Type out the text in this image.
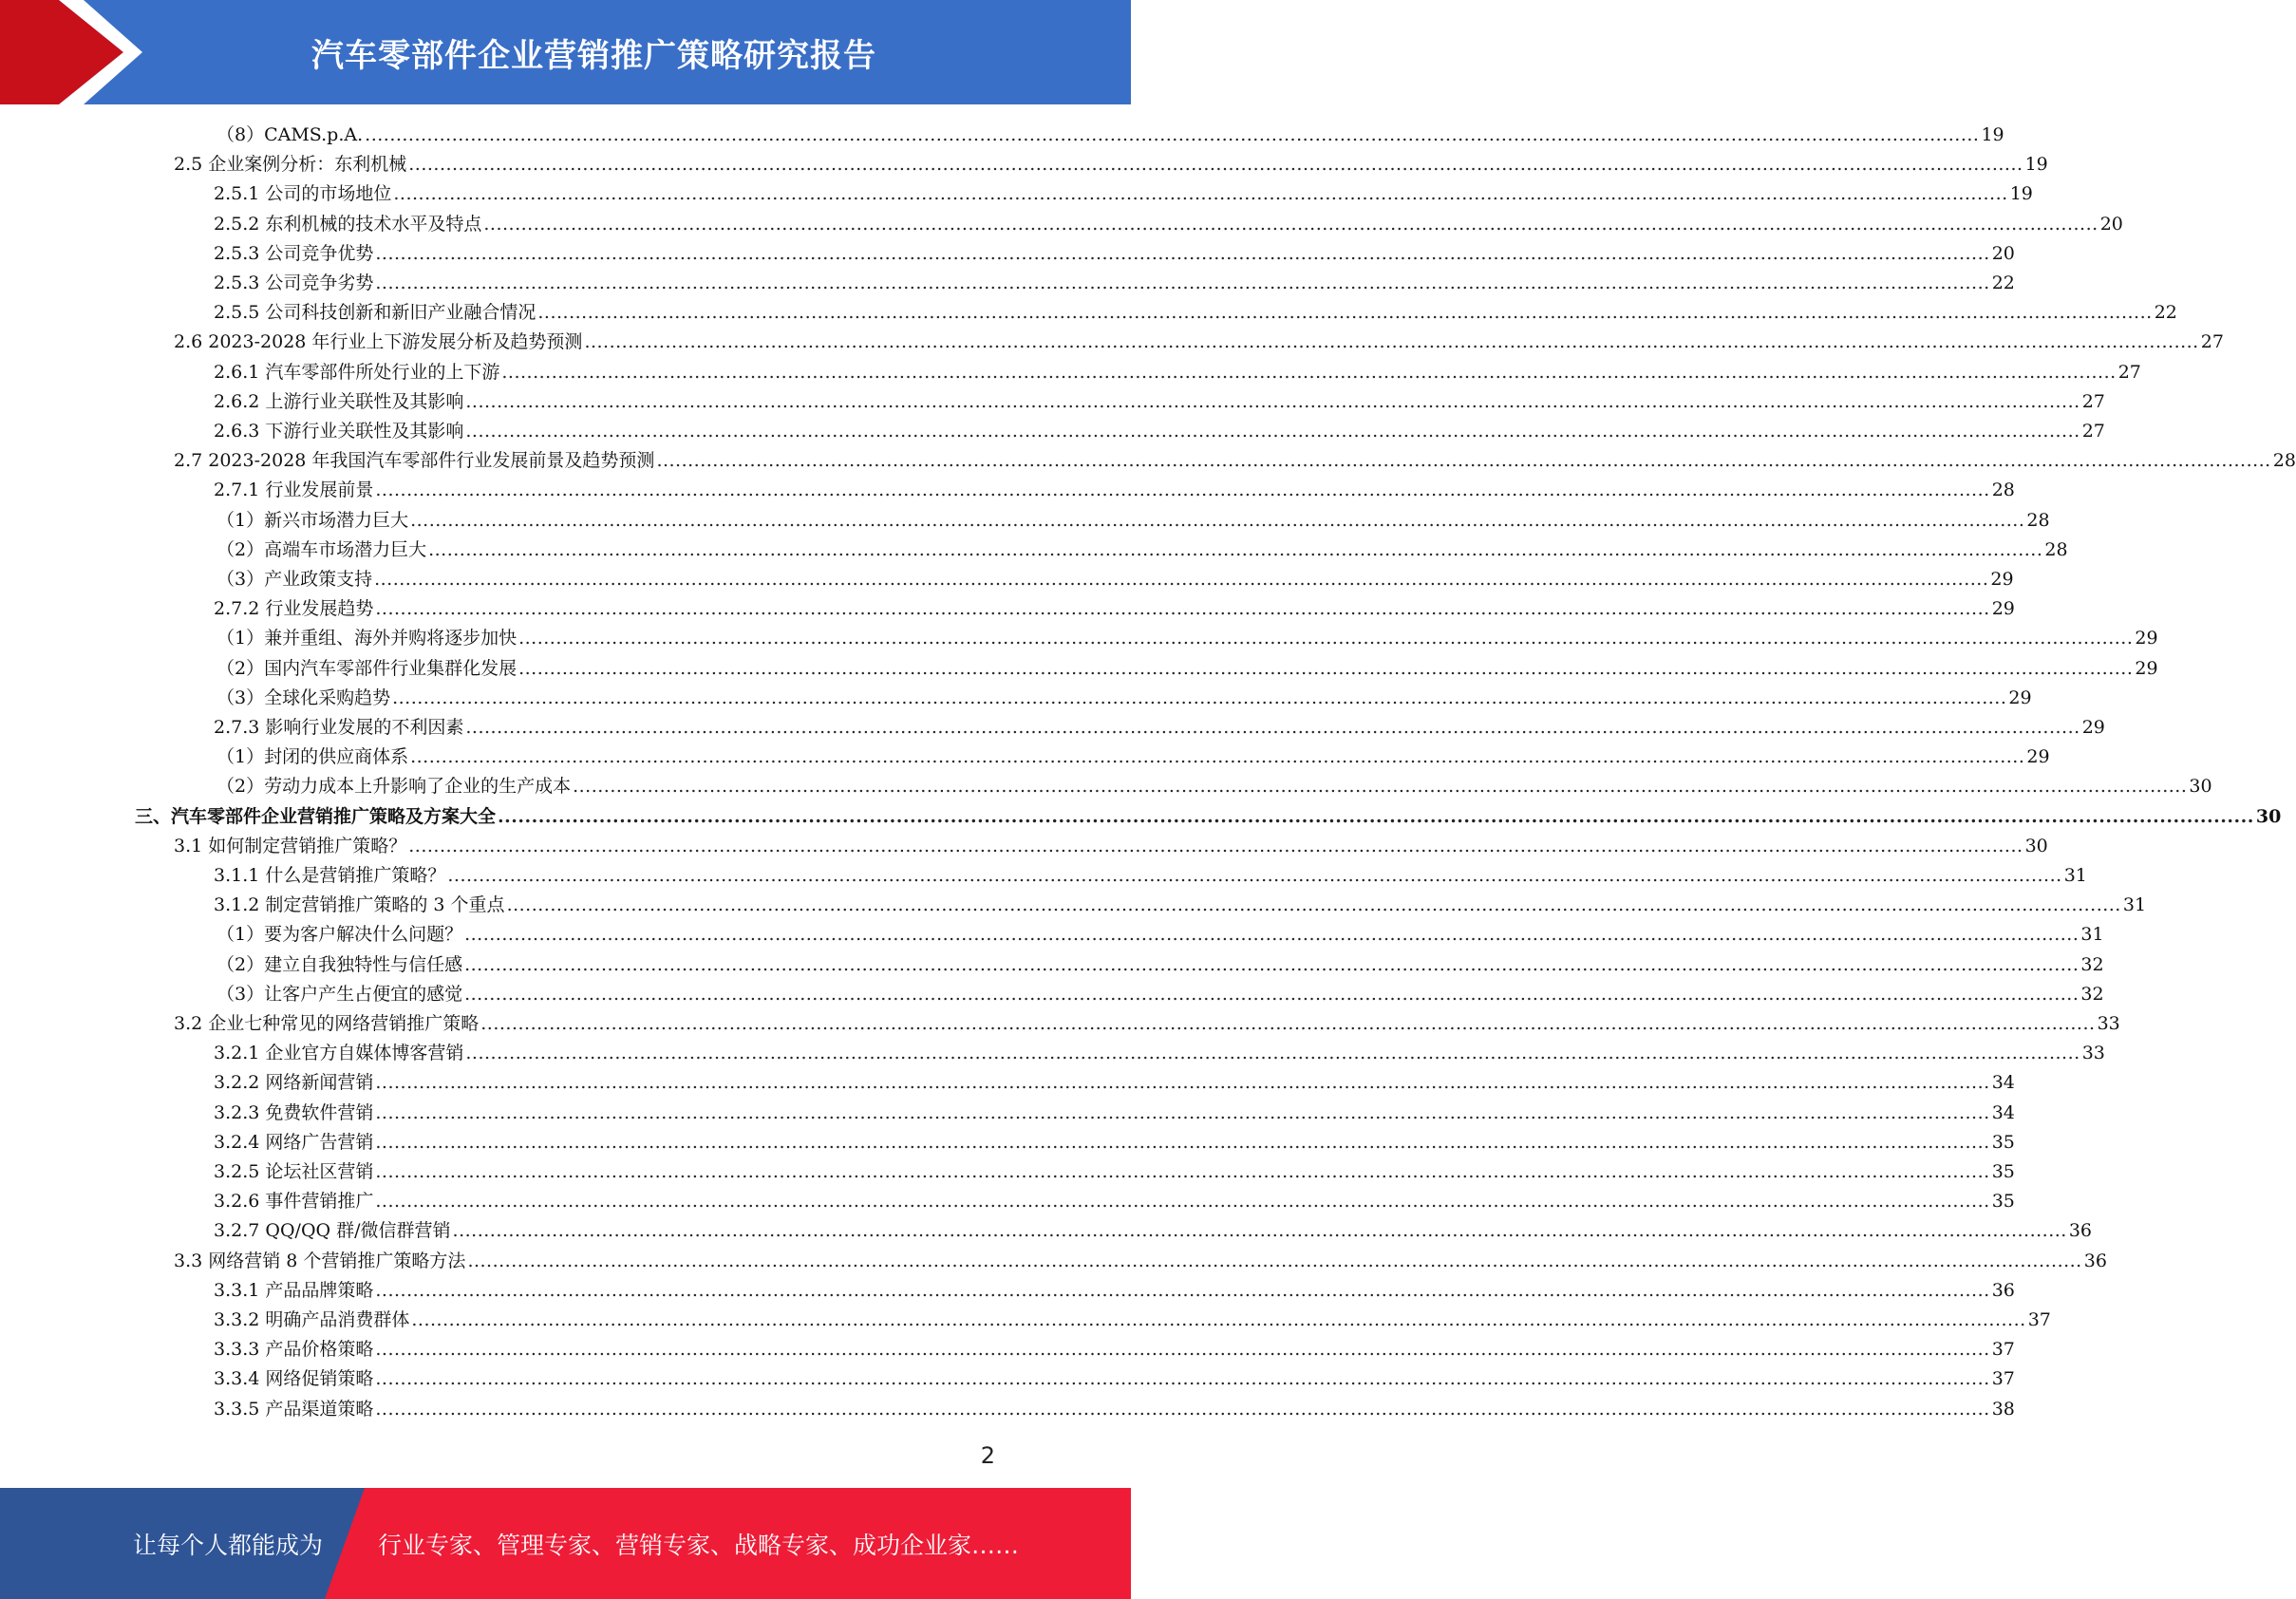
汽车零部件企业营销推广策略研究报告
（8）CAMS.p.A. .................................................................................................................................................................................................................................................................... 19
2.5 企业案例分析：东利机械 .................................................................................................................................................................................................................................................................... 19
2.5.1 公司的市场地位 .................................................................................................................................................................................................................................................................... 19
2.5.2 东利机械的技术水平及特点 .................................................................................................................................................................................................................................................................... 20
2.5.3 公司竞争优势 .................................................................................................................................................................................................................................................................... 20
2.5.3 公司竞争劣势 .................................................................................................................................................................................................................................................................... 22
2.5.5 公司科技创新和新旧产业融合情况 .................................................................................................................................................................................................................................................................... 22
2.6 2023-2028 年行业上下游发展分析及趋势预测 .................................................................................................................................................................................................................................................................... 27
2.6.1 汽车零部件所处行业的上下游 .................................................................................................................................................................................................................................................................... 27
2.6.2 上游行业关联性及其影响 .................................................................................................................................................................................................................................................................... 27
2.6.3 下游行业关联性及其影响 .................................................................................................................................................................................................................................................................... 27
2.7 2023-2028 年我国汽车零部件行业发展前景及趋势预测 .................................................................................................................................................................................................................................................................... 28
2.7.1 行业发展前景 .................................................................................................................................................................................................................................................................... 28
（1）新兴市场潜力巨大 .................................................................................................................................................................................................................................................................... 28
（2）高端车市场潜力巨大 .................................................................................................................................................................................................................................................................... 28
（3）产业政策支持 .................................................................................................................................................................................................................................................................... 29
2.7.2 行业发展趋势 .................................................................................................................................................................................................................................................................... 29
（1）兼并重组、海外并购将逐步加快 .................................................................................................................................................................................................................................................................... 29
（2）国内汽车零部件行业集群化发展 .................................................................................................................................................................................................................................................................... 29
（3）全球化采购趋势 .................................................................................................................................................................................................................................................................... 29
2.7.3 影响行业发展的不利因素 .................................................................................................................................................................................................................................................................... 29
（1）封闭的供应商体系 .................................................................................................................................................................................................................................................................... 29
（2）劳动力成本上升影响了企业的生产成本 .................................................................................................................................................................................................................................................................... 30
三、汽车零部件企业营销推广策略及方案大全 .................................................................................................................................................................................................................................................................... 30
3.1 如何制定营销推广策略？ .................................................................................................................................................................................................................................................................... 30
3.1.1 什么是营销推广策略？ .................................................................................................................................................................................................................................................................... 31
3.1.2 制定营销推广策略的 3 个重点 .................................................................................................................................................................................................................................................................... 31
（1）要为客户解决什么问题？ .................................................................................................................................................................................................................................................................... 31
（2）建立自我独特性与信任感 .................................................................................................................................................................................................................................................................... 32
（3）让客户产生占便宜的感觉 .................................................................................................................................................................................................................................................................... 32
3.2 企业七种常见的网络营销推广策略 .................................................................................................................................................................................................................................................................... 33
3.2.1 企业官方自媒体博客营销 .................................................................................................................................................................................................................................................................... 33
3.2.2 网络新闻营销 .................................................................................................................................................................................................................................................................... 34
3.2.3 免费软件营销 .................................................................................................................................................................................................................................................................... 34
3.2.4 网络广告营销 .................................................................................................................................................................................................................................................................... 35
3.2.5 论坛社区营销 .................................................................................................................................................................................................................................................................... 35
3.2.6 事件营销推广 .................................................................................................................................................................................................................................................................... 35
3.2.7 QQ/QQ 群/微信群营销 .................................................................................................................................................................................................................................................................... 36
3.3 网络营销 8 个营销推广策略方法 .................................................................................................................................................................................................................................................................... 36
3.3.1 产品品牌策略 .................................................................................................................................................................................................................................................................... 36
3.3.2 明确产品消费群体 .................................................................................................................................................................................................................................................................... 37
3.3.3 产品价格策略 .................................................................................................................................................................................................................................................................... 37
3.3.4 网络促销策略 .................................................................................................................................................................................................................................................................... 37
3.3.5 产品渠道策略 .................................................................................................................................................................................................................................................................... 38
2
让每个人都能成为 行业专家、管理专家、营销专家、战略专家、成功企业家……
